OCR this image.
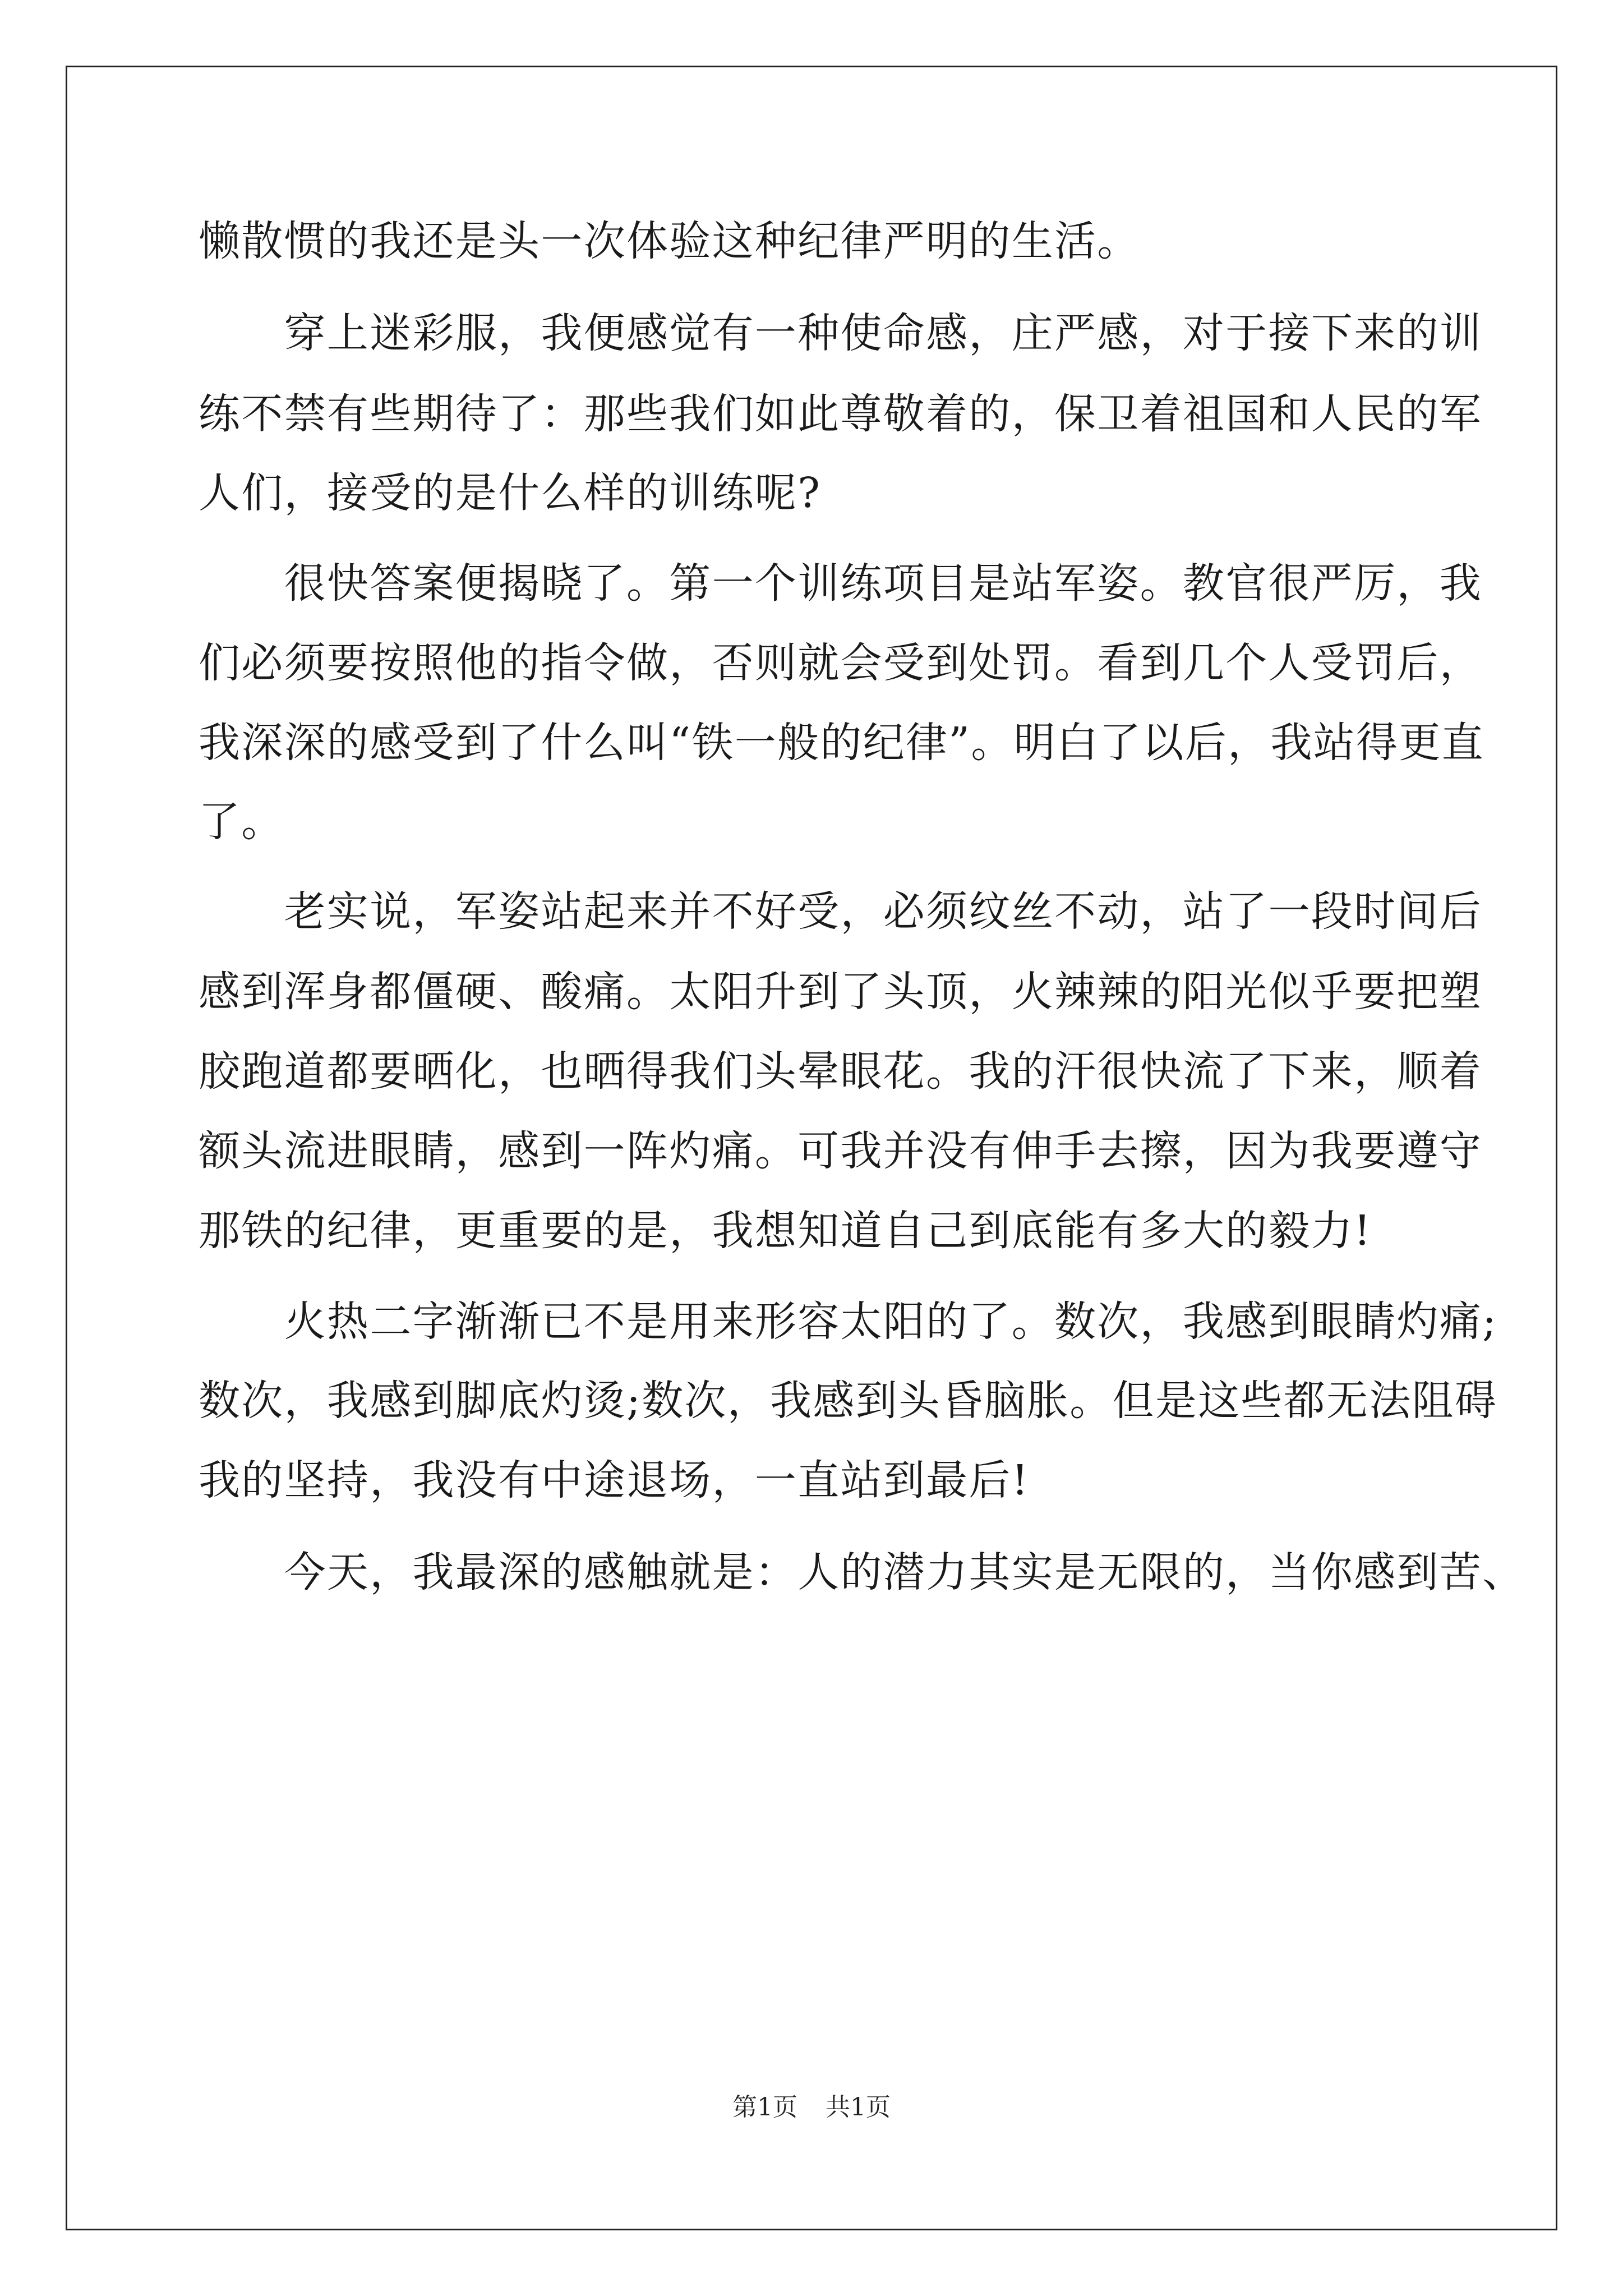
懒散惯的我还是头一次体验这种纪律严明的生活。
　　穿上迷彩服，我便感觉有一种使命感，庄严感，对于接下来的训
练不禁有些期待了：那些我们如此尊敬着的，保卫着祖国和人民的军
人们，接受的是什么样的训练呢?
　　很快答案便揭晓了。第一个训练项目是站军姿。教官很严厉，我
们必须要按照他的指令做，否则就会受到处罚。看到几个人受罚后，
我深深的感受到了什么叫“铁一般的纪律”。明白了以后，我站得更直
了。
　　老实说，军姿站起来并不好受，必须纹丝不动，站了一段时间后
感到浑身都僵硬、酸痛。太阳升到了头顶，火辣辣的阳光似乎要把塑
胶跑道都要晒化，也晒得我们头晕眼花。我的汗很快流了下来，顺着
额头流进眼睛，感到一阵灼痛。可我并没有伸手去擦，因为我要遵守
那铁的纪律，更重要的是，我想知道自己到底能有多大的毅力!
　　火热二字渐渐已不是用来形容太阳的了。数次，我感到眼睛灼痛;
数次，我感到脚底灼烫;数次，我感到头昏脑胀。但是这些都无法阻碍
我的坚持，我没有中途退场，一直站到最后!
　　今天，我最深的感触就是：人的潜力其实是无限的，当你感到苦、
第1页 共1页
